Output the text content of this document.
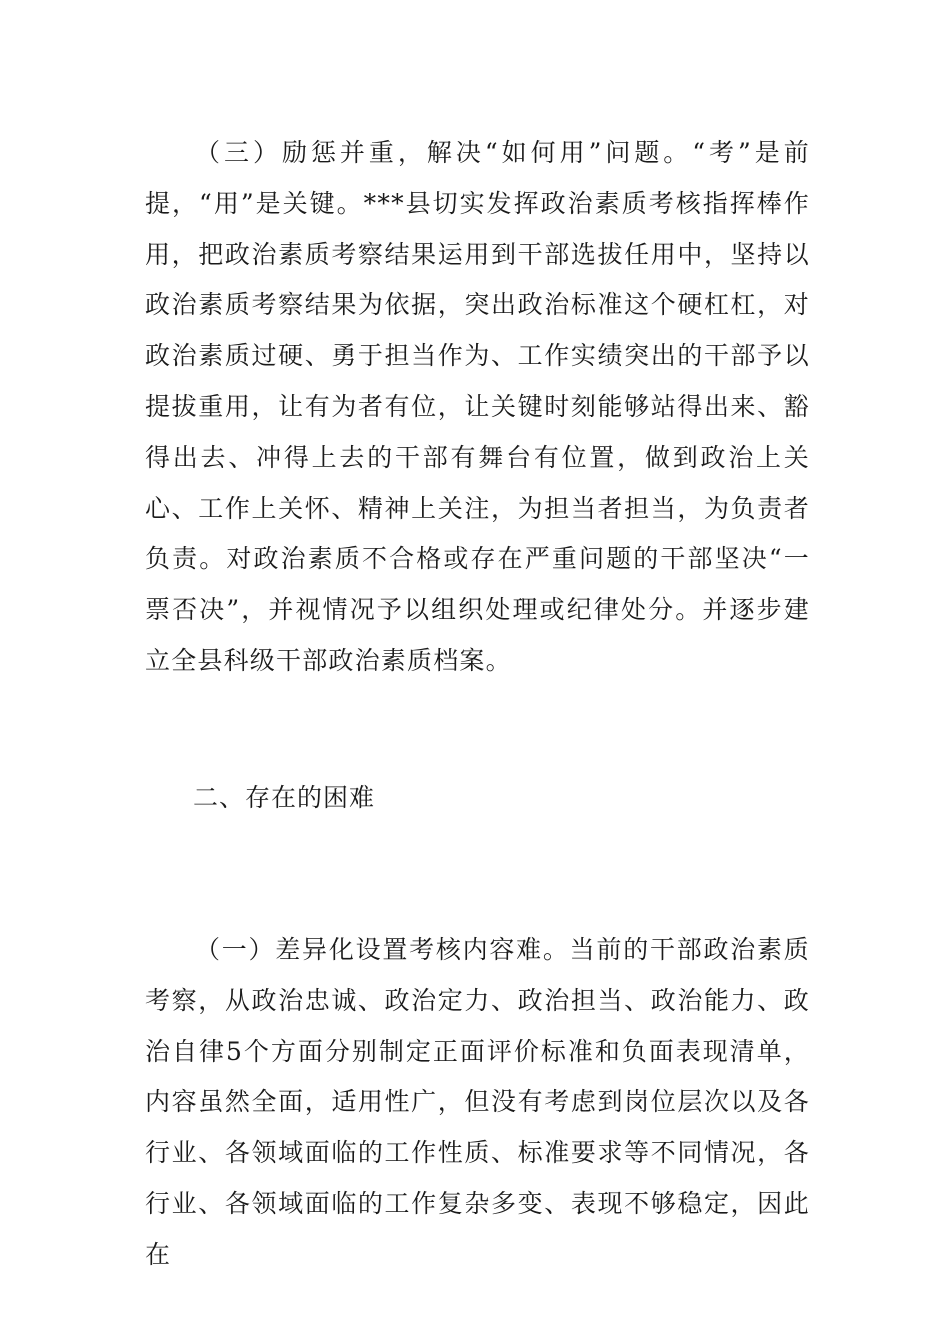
（三）励惩并重，解决“如何用”问题。“考”是前提，“用”是关键。***县切实发挥政治素质考核指挥棒作用，把政治素质考察结果运用到干部选拔任用中，坚持以政治素质考察结果为依据，突出政治标准这个硬杠杠，对政治素质过硬、勇于担当作为、工作实绩突出的干部予以提拔重用，让有为者有位，让关键时刻能够站得出来、豁得出去、冲得上去的干部有舞台有位置，做到政治上关心、工作上关怀、精神上关注，为担当者担当，为负责者负责。对政治素质不合格或存在严重问题的干部坚决“一票否决”，并视情况予以组织处理或纪律处分。并逐步建立全县科级干部政治素质档案。

二、存在的困难

（一）差异化设置考核内容难。当前的干部政治素质考察，从政治忠诚、政治定力、政治担当、政治能力、政治自律5个方面分别制定正面评价标准和负面表现清单，内容虽然全面，适用性广，但没有考虑到岗位层次以及各行业、各领域面临的工作性质、标准要求等不同情况，各行业、各领域面临的工作复杂多变、表现不够稳定，因此在
